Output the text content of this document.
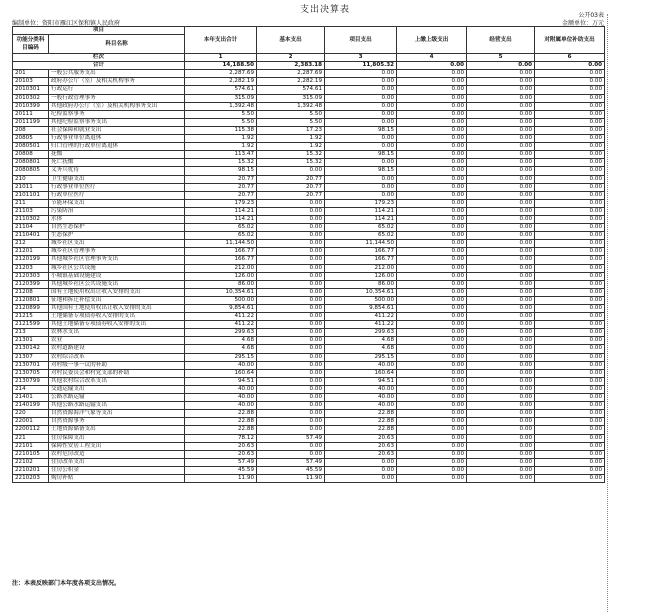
支出决算表
公开03表
编制单位：资阳市雁江区保和镇人民政府	金额单位：万元
项目		本年支出合计	基本支出	项目支出	上缴上级支出	经营支出	对附属单位补助支出
功能分类科目编码	科目名称						
栏次		1	2	3	4	5	6
合计		14,188.50	2,383.18	11,805.32	0.00	0.00	0.00
201	一般公共服务支出	2,287.69	2,287.69	0.00	0.00	0.00	0.00
20103	政府办公厅（室）及相关机构事务	2,282.19	2,282.19	0.00	0.00	0.00	0.00
2010301	行政运行	574.61	574.61	0.00	0.00	0.00	0.00
2010302	一般行政管理事务	315.09	315.09	0.00	0.00	0.00	0.00
2010399	其他政府办公厅（室）及相关机构事务支出	1,392.48	1,392.48	0.00	0.00	0.00	0.00
20111	纪检监察事务	5.50	5.50	0.00	0.00	0.00	0.00
2011199	其他纪检监察事务支出	5.50	5.50	0.00	0.00	0.00	0.00
208	社会保障和就业支出	115.38	17.23	98.15	0.00	0.00	0.00
20805	行政事业单位离退休	1.92	1.92	0.00	0.00	0.00	0.00
2080501	归口管理的行政单位离退休	1.92	1.92	0.00	0.00	0.00	0.00
20808	抚恤	113.47	15.32	98.15	0.00	0.00	0.00
2080801	死亡抚恤	15.32	15.32	0.00	0.00	0.00	0.00
2080805	义务兵优待	98.15	0.00	98.15	0.00	0.00	0.00
210	卫生健康支出	20.77	20.77	0.00	0.00	0.00	0.00
21011	行政事业单位医疗	20.77	20.77	0.00	0.00	0.00	0.00
2101101	行政单位医疗	20.77	20.77	0.00	0.00	0.00	0.00
211	节能环保支出	179.23	0.00	179.23	0.00	0.00	0.00
21103	污染防治	114.21	0.00	114.21	0.00	0.00	0.00
2110302	水体	114.21	0.00	114.21	0.00	0.00	0.00
21104	自然生态保护	65.02	0.00	65.02	0.00	0.00	0.00
2110401	生态保护	65.02	0.00	65.02	0.00	0.00	0.00
212	城乡社区支出	11,144.50	0.00	11,144.50	0.00	0.00	0.00
21201	城乡社区管理事务	166.77	0.00	166.77	0.00	0.00	0.00
2120199	其他城乡社区管理事务支出	166.77	0.00	166.77	0.00	0.00	0.00
21203	城乡社区公共设施	212.00	0.00	212.00	0.00	0.00	0.00
2120303	小城镇基础设施建设	126.00	0.00	126.00	0.00	0.00	0.00
2120399	其他城乡社区公共设施支出	86.00	0.00	86.00	0.00	0.00	0.00
21208	国有土地使用权出让收入安排的支出	10,354.61	0.00	10,354.61	0.00	0.00	0.00
2120801	征地和拆迁补偿支出	500.00	0.00	500.00	0.00	0.00	0.00
2120899	其他国有土地使用权出让收入安排的支出	9,854.61	0.00	9,854.61	0.00	0.00	0.00
21215	土地储备专项债券收入安排的支出	411.22	0.00	411.22	0.00	0.00	0.00
2121599	其他土地储备专项债券收入安排的支出	411.22	0.00	411.22	0.00	0.00	0.00
213	农林水支出	299.63	0.00	299.63	0.00	0.00	0.00
21301	农业	4.68	0.00	4.68	0.00	0.00	0.00
2130142	农村道路建设	4.68	0.00	4.68	0.00	0.00	0.00
21307	农村综合改革	295.15	0.00	295.15	0.00	0.00	0.00
2130701	对村级一事一议的补助	40.00	0.00	40.00	0.00	0.00	0.00
2130705	对村民委员会和村党支部的补助	160.64	0.00	160.64	0.00	0.00	0.00
2130799	其他农村综合改革支出	94.51	0.00	94.51	0.00	0.00	0.00
214	交通运输支出	40.00	0.00	40.00	0.00	0.00	0.00
21401	公路水路运输	40.00	0.00	40.00	0.00	0.00	0.00
2140199	其他公路水路运输支出	40.00	0.00	40.00	0.00	0.00	0.00
220	自然资源海洋气象等支出	22.88	0.00	22.88	0.00	0.00	0.00
22001	自然资源事务	22.88	0.00	22.88	0.00	0.00	0.00
2200112	土地资源储备支出	22.88	0.00	22.88	0.00	0.00	0.00
221	住房保障支出	78.12	57.49	20.63	0.00	0.00	0.00
22101	保障性安居工程支出	20.63	0.00	20.63	0.00	0.00	0.00
2210105	农村危房改造	20.63	0.00	20.63	0.00	0.00	0.00
22102	住房改革支出	57.49	57.49	0.00	0.00	0.00	0.00
2210201	住房公积金	45.59	45.59	0.00	0.00	0.00	0.00
2210203	购房补贴	11.90	11.90	0.00	0.00	0.00	0.00
注：本表反映部门本年度各项支出情况。
